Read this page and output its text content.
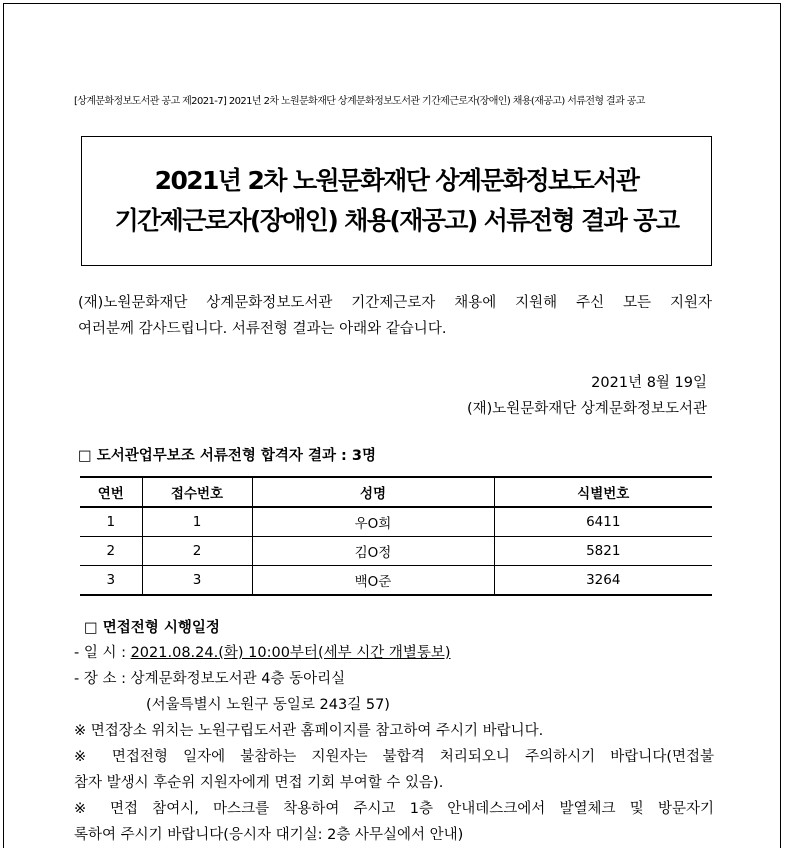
[상계문화정보도서관 공고 제2021-7] 2021년 2차 노원문화재단 상계문화정보도서관 기간제근로자(장애인) 채용(재공고) 서류전형 결과 공고
2021년 2차 노원문화재단 상계문화정보도서관
기간제근로자(장애인) 채용(재공고) 서류전형 결과 공고
(재)노원문화재단 상계문화정보도서관 기간제근로자 채용에 지원해 주신 모든 지원자
여러분께 감사드립니다. 서류전형 결과는 아래와 같습니다.
2021년 8월 19일
(재)노원문화재단 상계문화정보도서관
□ 도서관업무보조 서류전형 합격자 결과 : 3명
연번	접수번호	성명	식별번호
1	1	우O희	6411
2	2	김O정	5821
3	3	백O준	3264
□ 면접전형 시행일정
- 일 시 : 2021.08.24.(화) 10:00부터(세부 시간 개별통보)
- 장 소 : 상계문화정보도서관 4층 동아리실
(서울특별시 노원구 동일로 243길 57)
※ 면접장소 위치는 노원구립도서관 홈페이지를 참고하여 주시기 바랍니다.
※ 면접전형 일자에 불참하는 지원자는 불합격 처리되오니 주의하시기 바랍니다(면접불
참자 발생시 후순위 지원자에게 면접 기회 부여할 수 있음).
※ 면접 참여시, 마스크를 착용하여 주시고 1층 안내데스크에서 발열체크 및 방문자기
록하여 주시기 바랍니다(응시자 대기실: 2층 사무실에서 안내)
